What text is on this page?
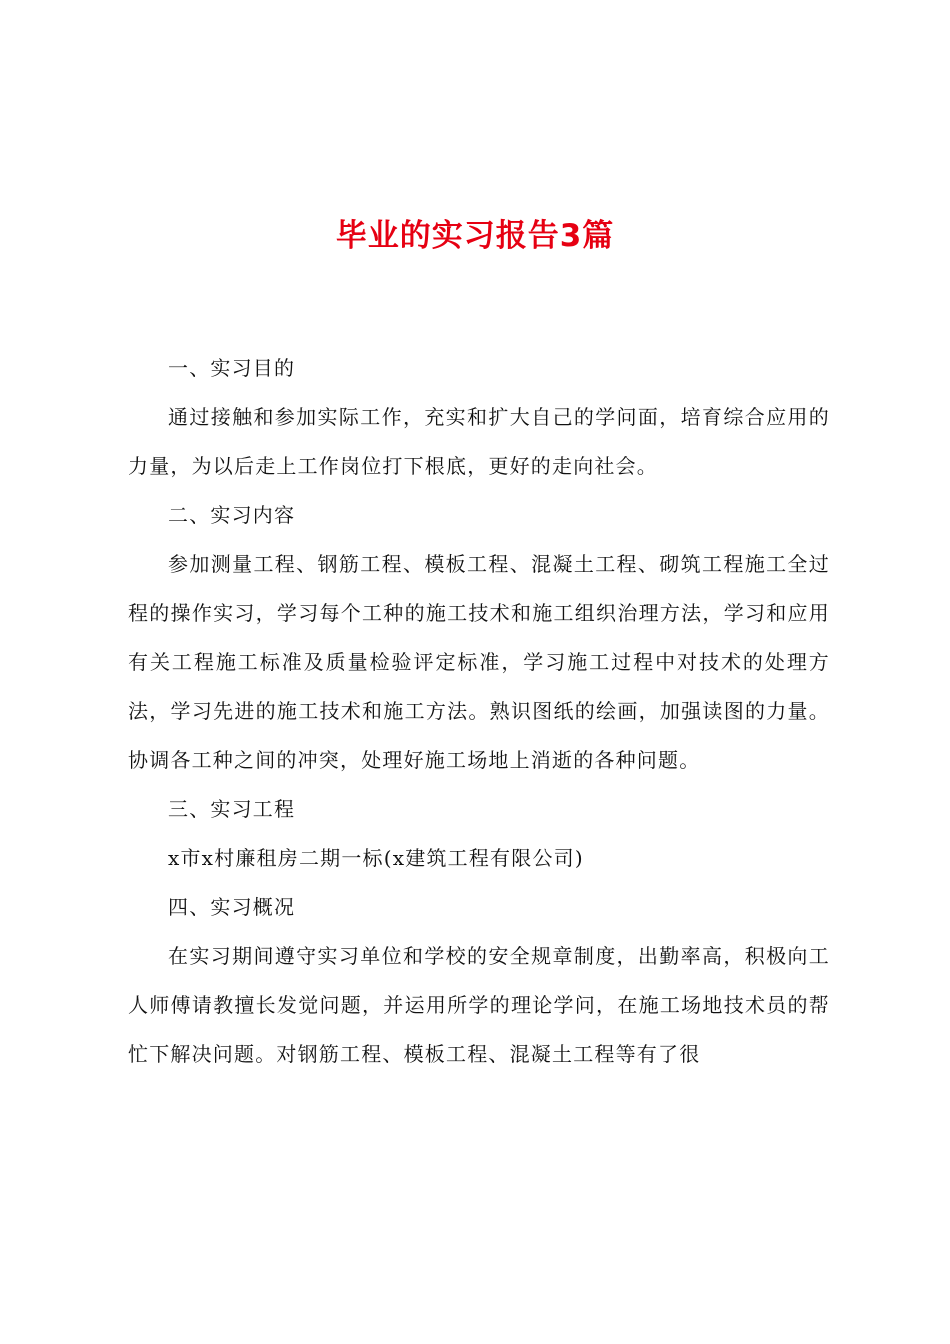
毕业的实习报告3篇

一、实习目的

通过接触和参加实际工作，充实和扩大自己的学问面，培育综合应用的力量，为以后走上工作岗位打下根底，更好的走向社会。

二、实习内容

参加测量工程、钢筋工程、模板工程、混凝土工程、砌筑工程施工全过程的操作实习，学习每个工种的施工技术和施工组织治理方法，学习和应用有关工程施工标准及质量检验评定标准，学习施工过程中对技术的处理方法，学习先进的施工技术和施工方法。熟识图纸的绘画，加强读图的力量。协调各工种之间的冲突，处理好施工场地上消逝的各种问题。

三、实习工程

x市x村廉租房二期一标(x建筑工程有限公司)

四、实习概况

在实习期间遵守实习单位和学校的安全规章制度，出勤率高，积极向工人师傅请教擅长发觉问题，并运用所学的理论学问，在施工场地技术员的帮忙下解决问题。对钢筋工程、模板工程、混凝土工程等有了很
